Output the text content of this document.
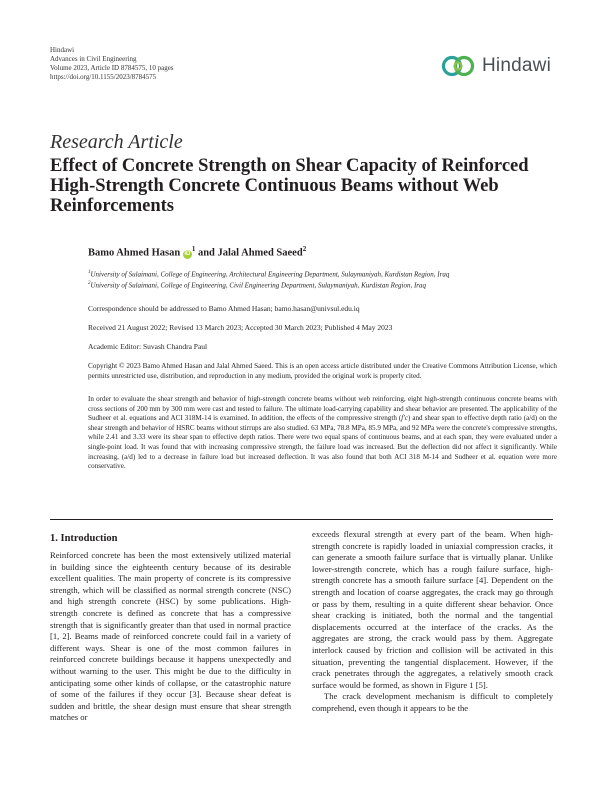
Hindawi
Advances in Civil Engineering
Volume 2023, Article ID 8784575, 10 pages
https://doi.org/10.1155/2023/8784575
Hindawi
Research Article
Effect of Concrete Strength on Shear Capacity of Reinforced High-Strength Concrete Continuous Beams without Web Reinforcements
Bamo Ahmed Hasan $iD^1$ and Jalal Ahmed Saeed$^2$
$^1$University of Sulaimani, College of Engineering, Architectural Engineering Department, Sulaymaniyah, Kurdistan Region, Iraq
$^2$University of Sulaimani, College of Engineering, Civil Engineering Department, Sulaymaniyah, Kurdistan Region, Iraq
Correspondence should be addressed to Bamo Ahmed Hasan; bamo.hasan@univsul.edu.iq
Received 21 August 2022; Revised 13 March 2023; Accepted 30 March 2023; Published 4 May 2023
Academic Editor: Suvash Chandra Paul
Copyright © 2023 Bamo Ahmed Hasan and Jalal Ahmed Saeed. This is an open access article distributed under the Creative Commons Attribution License, which permits unrestricted use, distribution, and reproduction in any medium, provided the original work is properly cited.
In order to evaluate the shear strength and behavior of high-strength concrete beams without web reinforcing, eight high-strength continuous concrete beams with cross sections of 200 mm by 300 mm were cast and tested to failure. The ultimate load-carrying capability and shear behavior are presented. The applicability of the Sudheer et al. equations and ACI 318M-14 is examined. In addition, the effects of the compressive strength (f′c) and shear span to effective depth ratio (a/d) on the shear strength and behavior of HSRC beams without stirrups are also studied. 63 MPa, 78.8 MPa, 85.9 MPa, and 92 MPa were the concrete's compressive strengths, while 2.41 and 3.33 were its shear span to effective depth ratios. There were two equal spans of continuous beams, and at each span, they were evaluated under a single-point load. It was found that with increasing compressive strength, the failure load was increased. But the deflection did not affect it significantly. While increasing, (a/d) led to a decrease in failure load but increased deflection. It was also found that both ACI 318 M-14 and Sudheer et al. equation were more conservative.
1. Introduction

Reinforced concrete has been the most extensively utilized material in building since the eighteenth century because of its desirable excellent qualities. The main property of concrete is its compressive strength, which will be classified as normal strength concrete (NSC) and high strength concrete (HSC) by some publications. High-strength concrete is defined as concrete that has a compressive strength that is significantly greater than that used in normal practice [1, 2]. Beams made of reinforced concrete could fail in a variety of different ways. Shear is one of the most common failures in reinforced concrete buildings because it happens unexpectedly and without warning to the user. This might be due to the difficulty in anticipating some other kinds of collapse, or the catastrophic nature of some of the failures if they occur [3]. Because shear defeat is sudden and brittle, the shear design must ensure that shear strength matches or

exceeds flexural strength at every part of the beam. When high-strength concrete is rapidly loaded in uniaxial compression cracks, it can generate a smooth failure surface that is virtually planar. Unlike lower-strength concrete, which has a rough failure surface, high-strength concrete has a smooth failure surface [4]. Dependent on the strength and location of coarse aggregates, the crack may go through or pass by them, resulting in a quite different shear behavior. Once shear cracking is initiated, both the normal and the tangential displacements occurred at the interface of the cracks. As the aggregates are strong, the crack would pass by them. Aggregate interlock caused by friction and collision will be activated in this situation, preventing the tangential displacement. However, if the crack penetrates through the aggregates, a relatively smooth crack surface would be formed, as shown in Figure 1 [5].

The crack development mechanism is difficult to completely comprehend, even though it appears to be the
